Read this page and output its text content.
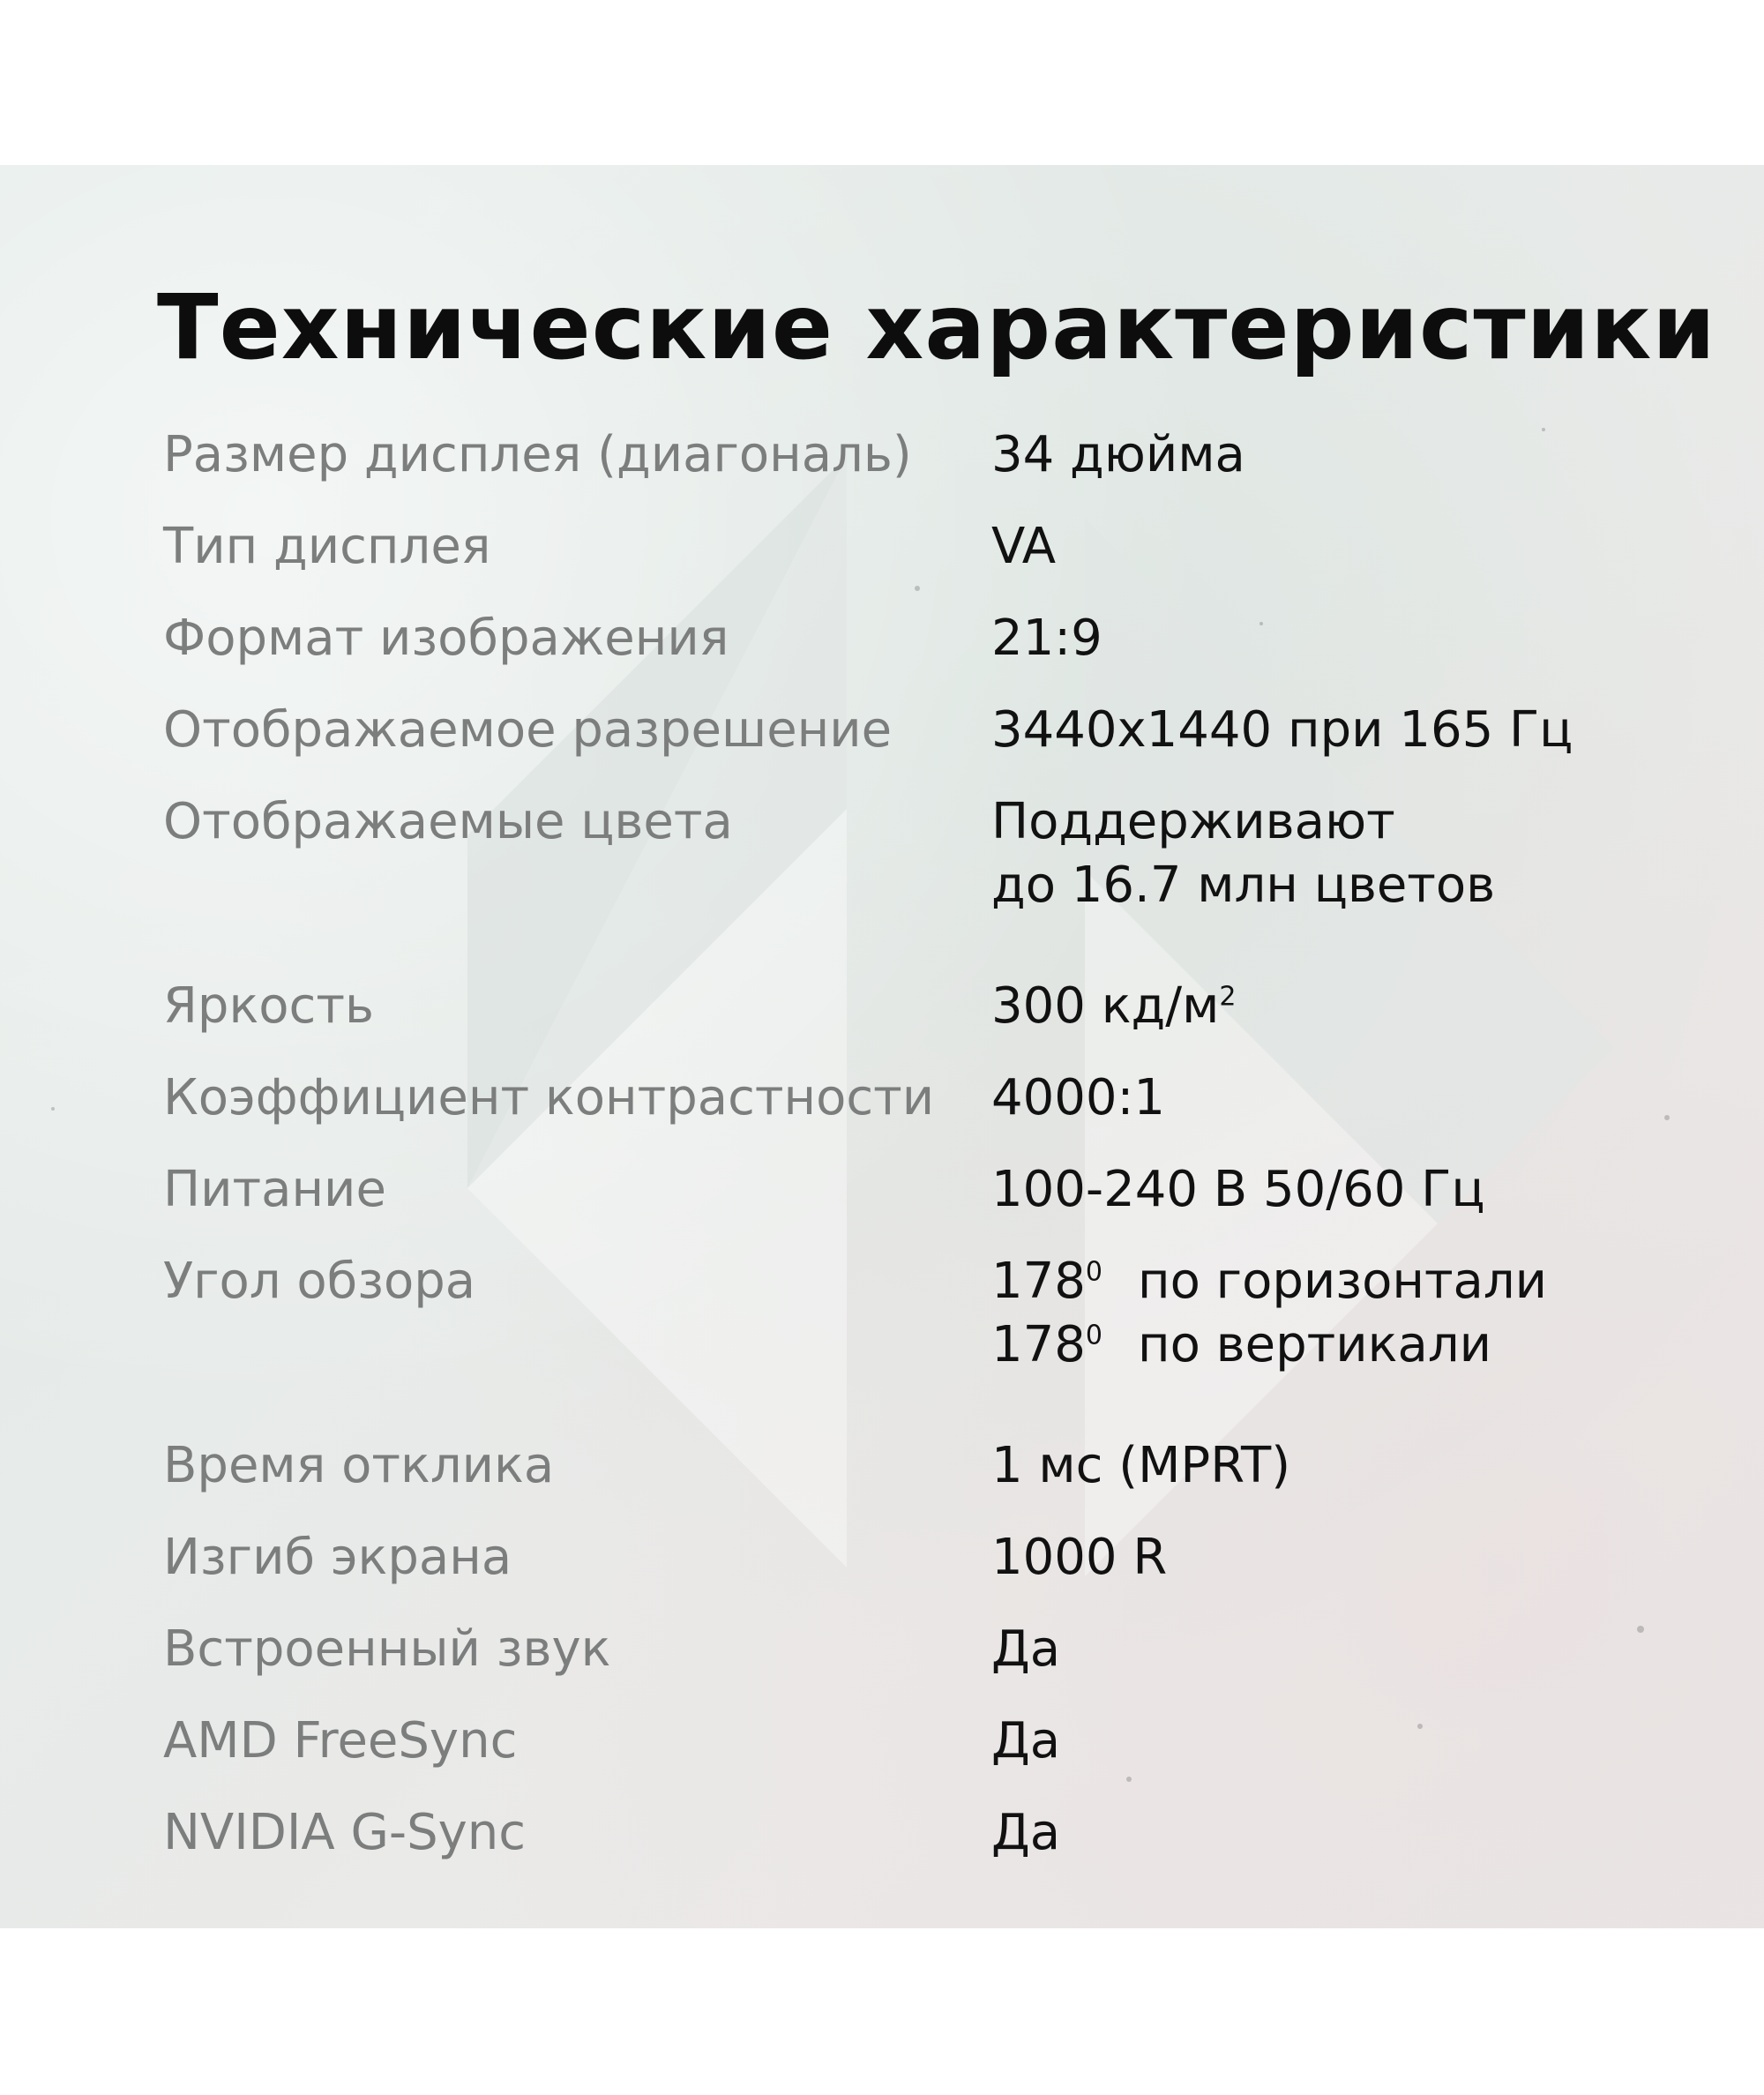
Технические характеристики
Размер дисплея (диагональ) 34 дюйма
Тип дисплея	VA
Формат изображения	21:9
Отображаемое разрешение 3440x1440 при 165 Гц
Отображаемые цвета	Поддерживают
до 16.7 млн цветов
Яркость	300 $кд/м^2$
Коэффициент контрастности 4000:1
Питание	100-240 В 50/60 Гц
Угол обзора	$178^0$ по горизонтали
$178^0$ по вертикали
Время отклика	1 мс (MPRT)
Изгиб экрана	1000 R
Встроенный звук	Да
AMD FreeSync	Да
NVIDIA G-Sync	Да
